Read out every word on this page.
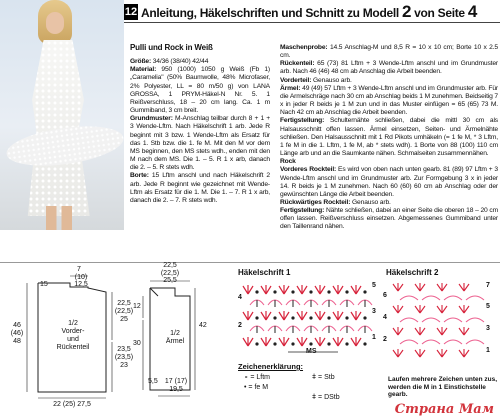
12 Anleitung, Häkelschriften und Schnitt zu Modell 2 von Seite 4
Pulli und Rock in Weiß

Größe: 34/36 (38/40) 42/44

Material: 950 (1000) 1050 g Weiß (Fb 1) „Caramelia" (50% Baumwolle, 48% Microfaser, 2% Polyester, LL = 80 m/50 g) von LANA GROSSA, 1 PRYM-Häkel-N Nr. 5. 1 Reißverschluss, 18 – 20 cm lang. Ca. 1 m Gummiband, 3 cm breit.

Grundmuster: M-Anschlag teilbar durch 8 + 1 + 3 Wende-Lftm. Nach Häkelschrift 1 arb. Jede R beginnt mit 3 bzw. 1 Wende-Lftm als Ersatz für das 1. Stb bzw. die 1. fe M. Mit den M vor dem MS beginnen, den MS stets wdh., enden mit den M nach dem MS. Die 1. – 5. R 1 x arb, danach die 2. – 5. R stets wdh.

Borte: 15 Lftm anschl und nach Häkelschrift 2 arb. Jede R beginnt wie gezeichnet mit Wende-Lftm als Ersatz für die 1. M. Die 1. – 7. R 1 x arb, danach die 2. – 7. R stets wdh.

Maschenprobe: 14.5 Anschlag-M und 8,5 R = 10 x 10 cm; Borte 10 x 2.5 cm.

Rückenteil: 65 (73) 81 Lftm + 3 Wende-Lftm anschl und im Grundmuster arb. Nach 46 (46) 48 cm ab Anschlag die Arbeit beenden.

Vorderteil: Genauso arb.

Ärmel: 49 (49) 57 Lftm + 3 Wende-Lftm anschl und im Grundmuster arb. Für die Armelschräge nach 30 cm ab Anschlag beids 1 M zunehmen. Beidseitig 7 x in jeder R beids je 1 M zun und in das Muster einfügen = 65 (65) 73 M. Nach 42 cm ab Anschlag die Arbeit beenden.

Fertigstellung: Schulternähte schließen, dabei die mittl 30 cm als Halsausschnitt offen lassen. Ärmel einsetzen, Seiten- und Ärmelnähte schließen. Den Halsausschnitt mit 1 Rd Pikots umhäkeln (= 1 fe M, * 3 Lftm, 1 fe M in die 1. Lftm, 1 fe M, ab * stets wdh). 1 Borte von 88 (100) 110 cm Länge arb und an die Saumkante nähen. Schmalseiten zusammennähen.

Rock

Vorderes Rockteil: Es wird von oben nach unten gearb. 81 (89) 97 Lftm + 3 Wende-Lftm anschl und im Grundmuster arb. Zur Formgebung 3 x in jeder 14. R beids je 1 M zunehmen. Nach 60 (60) 60 cm ab Anschlag oder der gewünschten Länge die Arbeit beenden.

Rückwärtiges Rockteil: Genauso arb.

Fertigstellung: Nähte schließen, dabei an einer Seite die oberen 18 – 20 cm offen lassen. Reißverschluss einsetzen. Abgemessenes Gummiband unter den Taillenrand nähen.

1/2
Vorder-
und
Rückenteil
7
(10)
12,5
15
46
(46)
48
22,5
(22,5)
25
23,5
(23,5)
23
22 (25) 27,5
22,5
(22,5)
25,5
1/2
Ärmel
42
12
30
5,5	17 (17)
19,5
Häkelschrift 1
4
2
5
3
1
MS
Häkelschrift 2
6
4
2
7
5
3
1
Zeichenerklärung:
∘ = Lftm
• = fe M
ǂ = Stb
ǂ = DStb
Laufen mehrere Zeichen unten zus, werden die M in 1 Einstichstelle gearb.
Страна Мам
